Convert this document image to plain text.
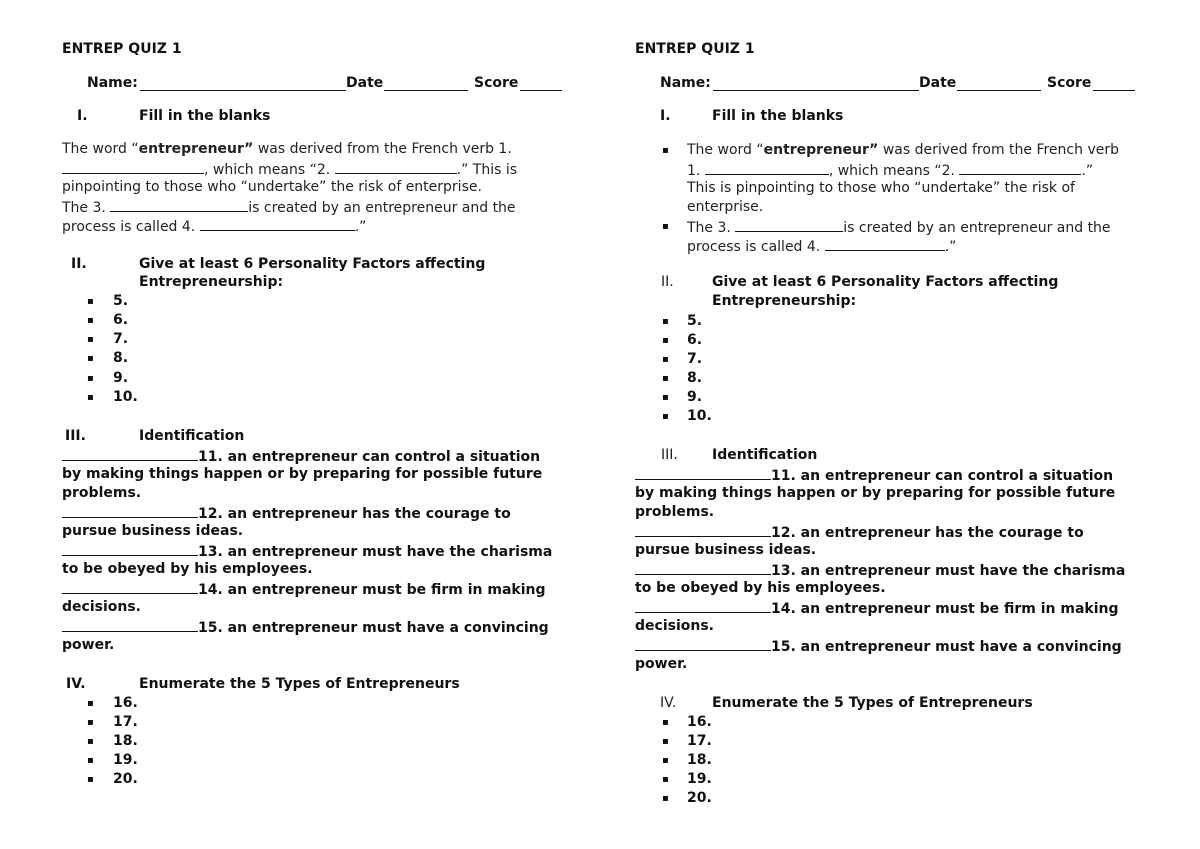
ENTREP QUIZ 1
Name:	Date	Score
I.	Fill in the blanks
The word “entrepreneur” was derived from the French verb 1.
, which means “2.	.” This is
pinpointing to those who “undertake” the risk of enterprise.
The 3.	is created by an entrepreneur and the
process is called 4.	.”
II.	Give at least 6 Personality Factors affecting
Entrepreneurship:
▪ 5.
▪ 6.
▪ 7.
▪ 8.
▪ 9.
▪ 10.
III.	Identification
11. an entrepreneur can control a situation
by making things happen or by preparing for possible future
problems.
12. an entrepreneur has the courage to
pursue business ideas.
13. an entrepreneur must have the charisma
to be obeyed by his employees.
14. an entrepreneur must be firm in making
decisions.
15. an entrepreneur must have a convincing
power.
IV.	Enumerate the 5 Types of Entrepreneurs
▪ 16.
▪ 17.
▪ 18.
▪ 19.
▪ 20.
ENTREP QUIZ 1
Name:	Date	Score
I.	Fill in the blanks
▪ The word “entrepreneur” was derived from the French verb
1.	, which means “2.	.”
This is pinpointing to those who “undertake” the risk of
enterprise.
▪ The 3.	is created by an entrepreneur and the
process is called 4.	.”
II.	Give at least 6 Personality Factors affecting
Entrepreneurship:
▪ 5.
▪ 6.
▪ 7.
▪ 8.
▪ 9.
▪ 10.
III. Identification
11. an entrepreneur can control a situation
by making things happen or by preparing for possible future
problems.
12. an entrepreneur has the courage to
pursue business ideas.
13. an entrepreneur must have the charisma
to be obeyed by his employees.
14. an entrepreneur must be firm in making
decisions.
15. an entrepreneur must have a convincing
power.
IV.	Enumerate the 5 Types of Entrepreneurs
▪ 16.
▪ 17.
▪ 18.
▪ 19.
▪ 20.
